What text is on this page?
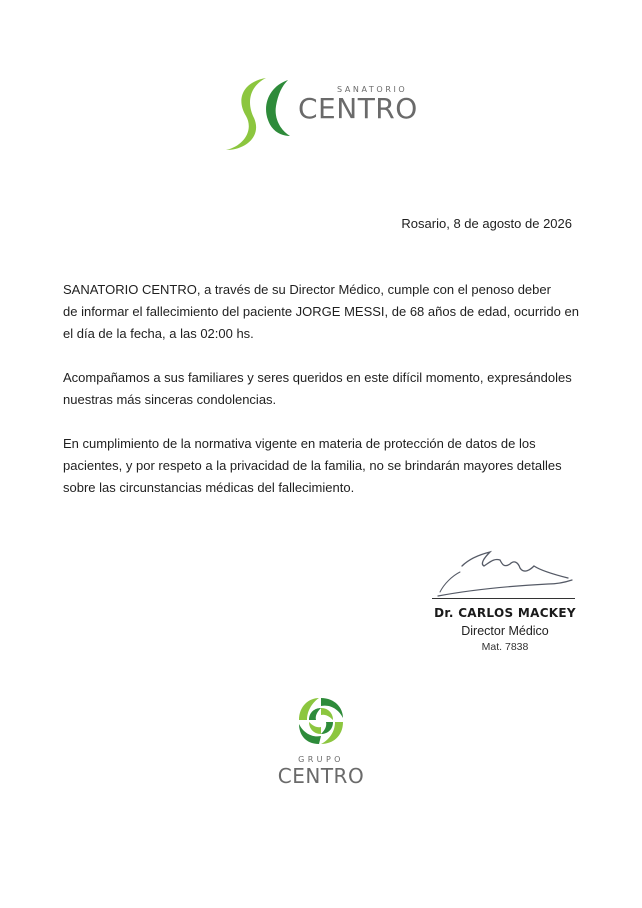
SANATORIO
CENTRO
Rosario, 8 de agosto de 2026
SANATORIO CENTRO, a través de su Director Médico, cumple con el penoso deber
de informar el fallecimiento del paciente JORGE MESSI, de 68 años de edad, ocurrido en
el día de la fecha, a las 02:00 hs.
Acompañamos a sus familiares y seres queridos en este difícil momento, expresándoles
nuestras más sinceras condolencias.
En cumplimiento de la normativa vigente en materia de protección de datos de los
pacientes, y por respeto a la privacidad de la familia, no se brindarán mayores detalles
sobre las circunstancias médicas del fallecimiento.
Dr. CARLOS MACKEY
Director Médico
Mat. 7838
GRUPO
CENTRO
